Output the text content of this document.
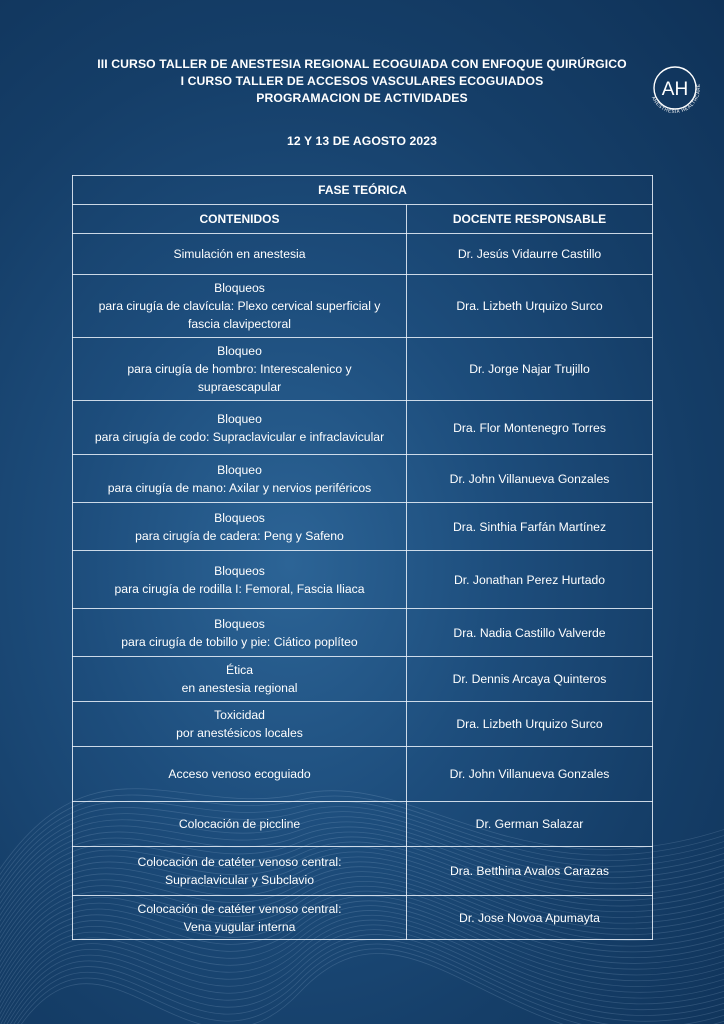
III CURSO TALLER DE ANESTESIA REGIONAL ECOGUIADA CON ENFOQUE QUIRÚRGICO
I CURSO TALLER DE ACCESOS VASCULARES ECOGUIADOS
PROGRAMACION DE ACTIVIDADES
12 Y 13 DE AGOSTO 2023
AH
ANESTHESIA HEALTHCARE
FASE TEÓRICA	
CONTENIDOS	DOCENTE RESPONSABLE

Simulación en anestesia	Dr. Jesús Vidaurre Castillo

Bloqueos
para cirugía de clavícula: Plexo cervical superficial y
fascia clavipectoral	Dra. Lizbeth Urquizo Surco

Bloqueo
para cirugía de hombro: Interescalenico y
supraescapular	Dr. Jorge Najar Trujillo

Bloqueo
para cirugía de codo: Supraclavicular e infraclavicular	Dra. Flor Montenegro Torres

Bloqueo
para cirugía de mano: Axilar y nervios periféricos	Dr. John Villanueva Gonzales

Bloqueos
para cirugía de cadera: Peng y Safeno	Dra. Sinthia Farfán Martínez

Bloqueos
para cirugía de rodilla I: Femoral, Fascia Iliaca	Dr. Jonathan Perez Hurtado

Bloqueos
para cirugía de tobillo y pie: Ciático poplíteo	Dra. Nadia Castillo Valverde

Ética
en anestesia regional	Dr. Dennis Arcaya Quinteros

Toxicidad
por anestésicos locales	Dra. Lizbeth Urquizo Surco

Acceso venoso ecoguiado	Dr. John Villanueva Gonzales

Colocación de piccline	Dr. German Salazar

Colocación de catéter venoso central:
Supraclavicular y Subclavio	Dra. Betthina Avalos Carazas

Colocación de catéter venoso central:
Vena yugular interna	Dr. Jose Novoa Apumayta
